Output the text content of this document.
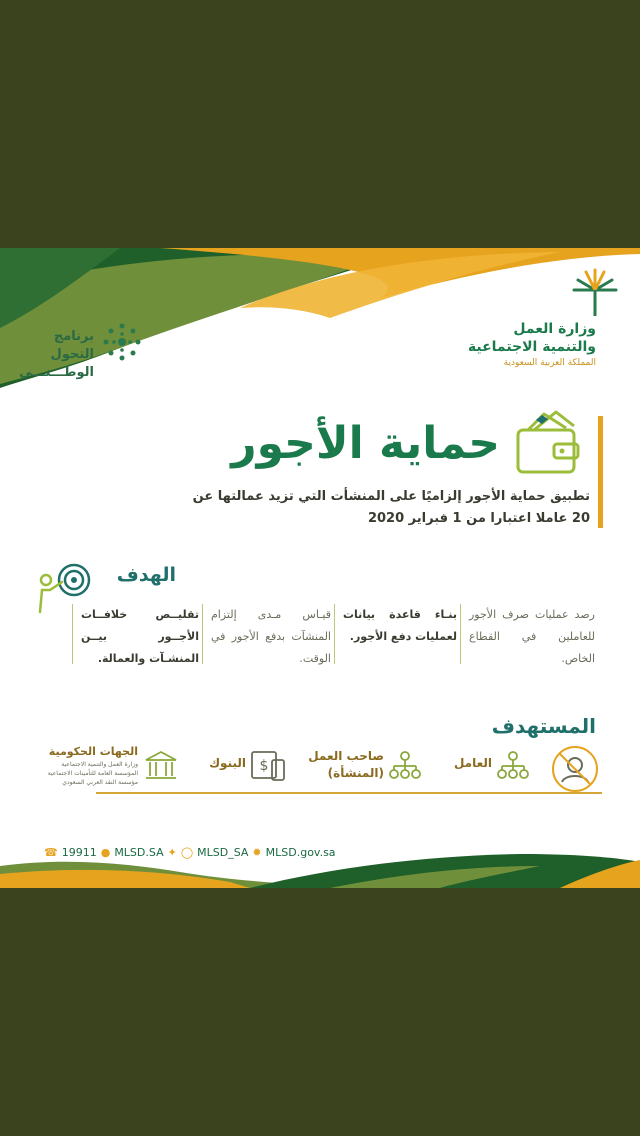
برنامج التحول
الوطـــنـــي
وزارة العمل
والتنمية الاجتماعية
المملكة العربية السعودية
حماية الأجور
تطبيق حماية الأجور إلزاميًا على المنشأت التي تزيد عمالتها عن
20 عاملا اعتبارا من 1 فبراير 2020
الهدف
رصد عمليات صرف الأجور للعاملين في القطاع الخاص.
بنـاء قاعدة بيانات لعمليات دفع الأجور.
قيـاس مـدى إلتزام المنشآت بدفع الأجور في الوقت.
تقليــص خلافــات الأجــور بيــن المنشـآت والعمالة.
المستهدف
العامل
صاحب العمل
(المنشأة)
$
البنوك
الجهات الحكومية
وزارة العمل والتنمية الاجتماعية
المؤسسة العامة للتأمينات الاجتماعية
مؤسسة النقد العربي السعودي
☎ 19911 ● MLSD.SA ✦ ◯ MLSD_SA ✹ MLSD.gov.sa
